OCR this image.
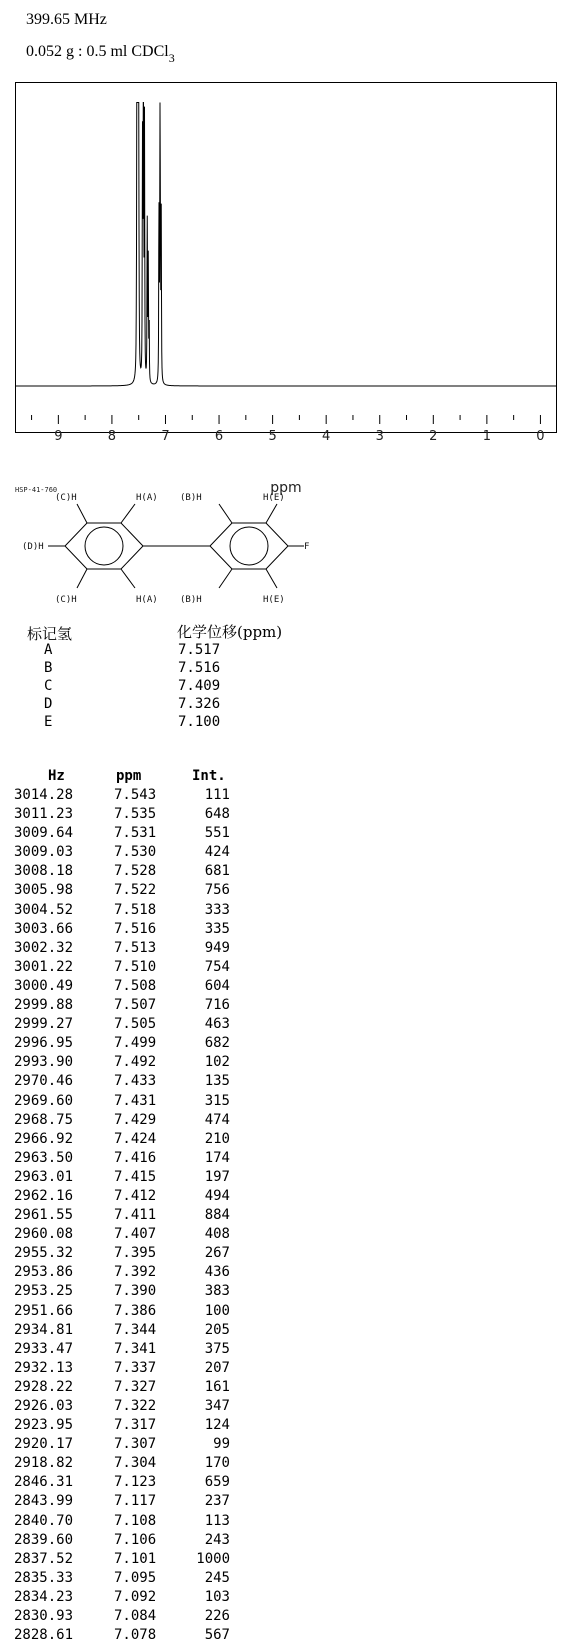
399.65 MHz
0.052 g : 0.5 ml CDCl$_3$
9	8	7	6	5	4	3	2	1	0
ppm
HSP-41-760
(C)H	H(A) (B)H	H(E)
(D)H	F
(C)H	H(A) (B)H	H(E)
标记氢	化学位移(ppm)
A	7.517
B	7.516
C	7.409
D	7.326
E	7.100
Hz	ppm	Int.
3014.28	7.543	111
3011.23	7.535	648
3009.64	7.531	551
3009.03	7.530	424
3008.18	7.528	681
3005.98	7.522	756
3004.52	7.518	333
3003.66	7.516	335
3002.32	7.513	949
3001.22	7.510	754
3000.49	7.508	604
2999.88	7.507	716
2999.27	7.505	463
2996.95	7.499	682
2993.90	7.492	102
2970.46	7.433	135
2969.60	7.431	315
2968.75	7.429	474
2966.92	7.424	210
2963.50	7.416	174
2963.01	7.415	197
2962.16	7.412	494
2961.55	7.411	884
2960.08	7.407	408
2955.32	7.395	267
2953.86	7.392	436
2953.25	7.390	383
2951.66	7.386	100
2934.81	7.344	205
2933.47	7.341	375
2932.13	7.337	207
2928.22	7.327	161
2926.03	7.322	347
2923.95	7.317	124
2920.17	7.307	99
2918.82	7.304	170
2846.31	7.123	659
2843.99	7.117	237
2840.70	7.108	113
2839.60	7.106	243
2837.52	7.101	1000
2835.33	7.095	245
2834.23	7.092	103
2830.93	7.084	226
2828.61	7.078	567
